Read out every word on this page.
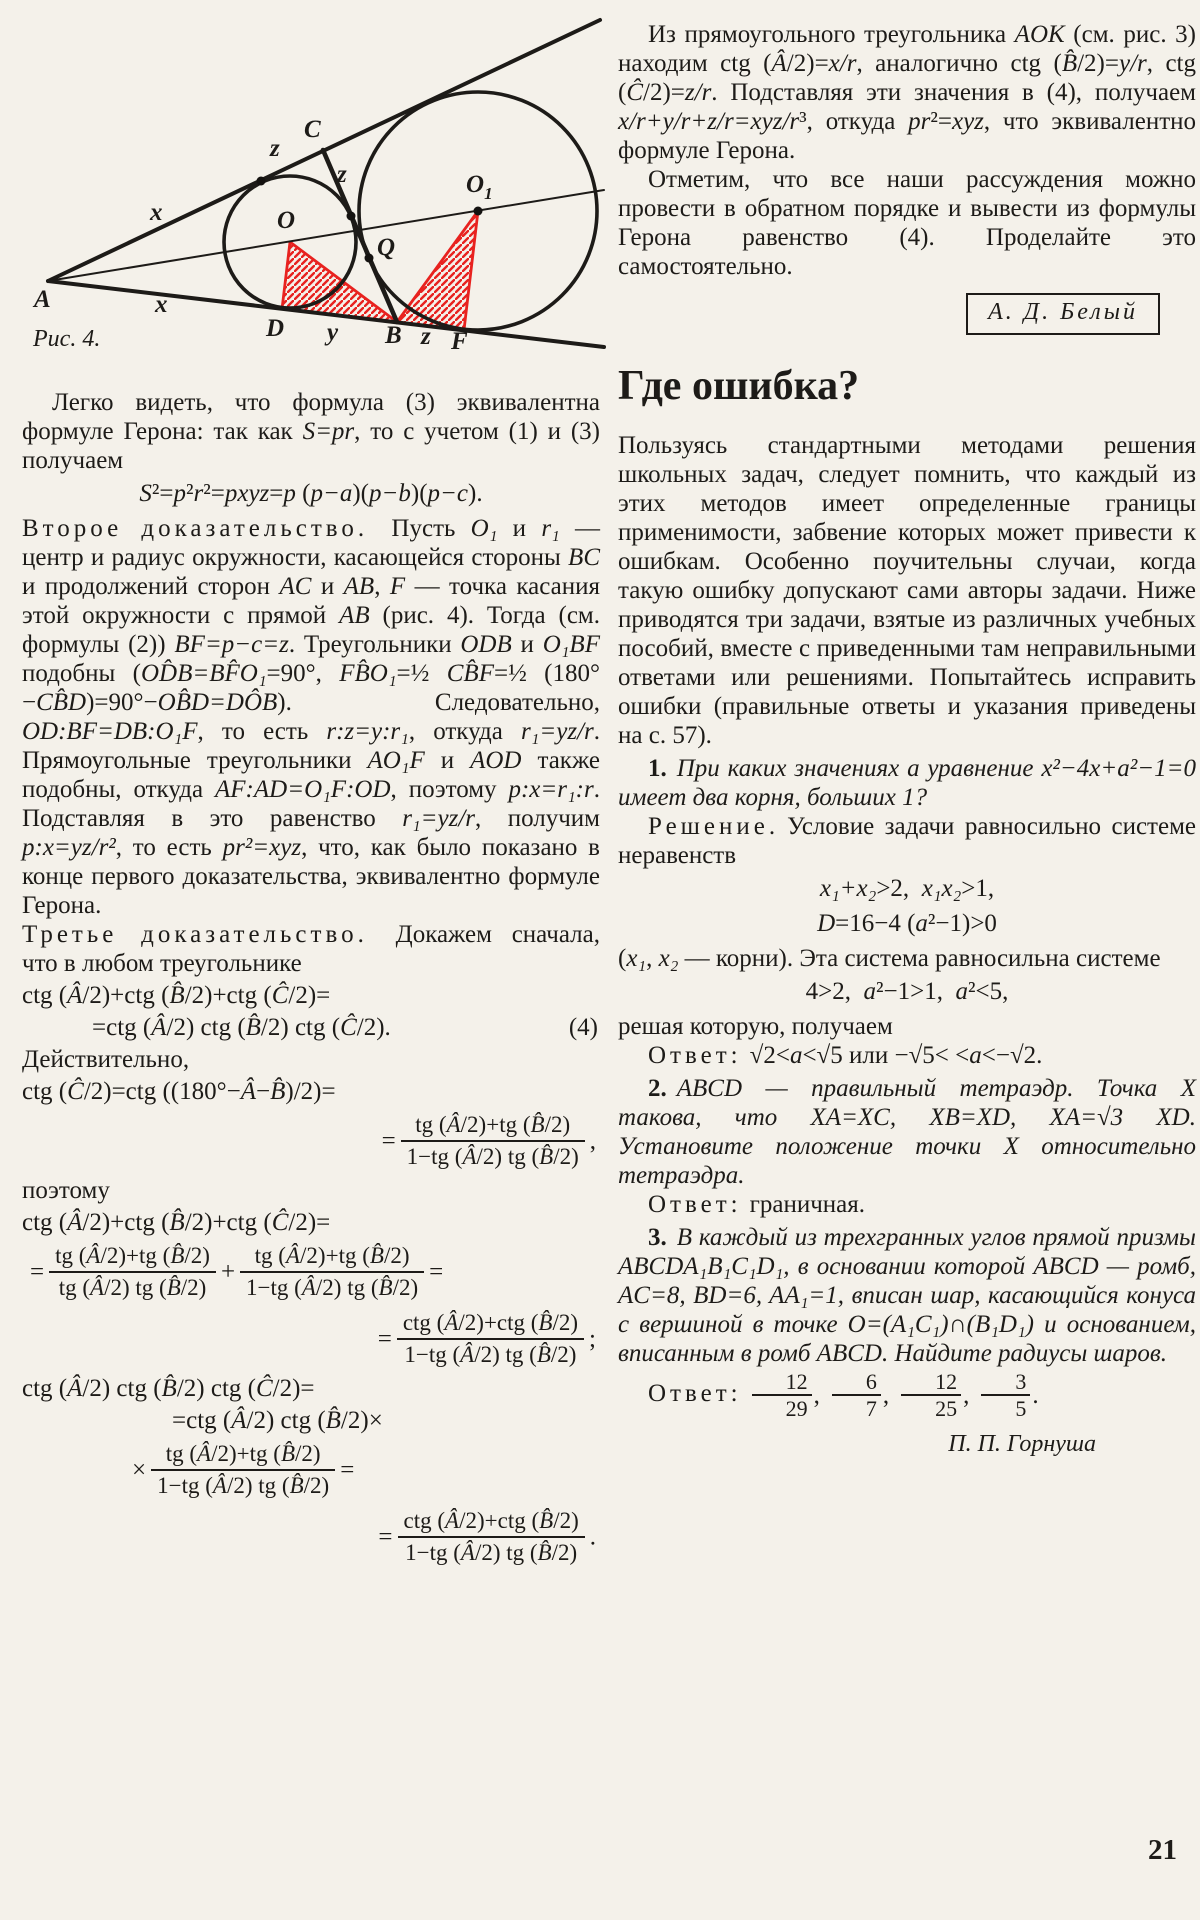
A
x
x
z
C
z
O
$O_1$
Q
D y B z F
Рис. 4.

Легко видеть, что формула (3) эквивалентна формуле Герона: так как S=pr, то с учетом (1) и (3) получаем

S²=p²r²=pxyz=p (p−a)(p−b)(p−c).

Второе доказательство. Пусть O₁ и r₁ — центр и радиус окружности, касающейся стороны BC и продолжений сторон AC и AB, F — точка касания этой окружности с прямой AB (рис. 4). Тогда (см. формулы (2)) BF=p−c=z. Треугольники ODB и O₁BF подобны (OD̂B=BF̂O₁=90°, FB̂O₁=½ CB̂F=½ (180°−CB̂D)=90°−OB̂D=DÔB). Следовательно, OD:BF=DB:O₁F, то есть r:z=y:r₁, откуда r₁=yz/r. Прямоугольные треугольники AO₁F и AOD также подобны, откуда AF:AD=O₁F:OD, поэтому p:x=r₁:r. Подставляя в это равенство r₁=yz/r, получим p:x=yz/r², то есть pr²=xyz, что, как было показано в конце первого доказательства, эквивалентно формуле Герона.

Третье доказательство. Докажем сначала, что в любом треугольнике

ctg (Â/2)+ctg (B̂/2)+ctg (Ĉ/2)=
=ctg (Â/2) ctg (B̂/2) ctg (Ĉ/2).	(4)

Действительно,

ctg (Ĉ/2)=ctg ((180°−Â−B̂)/2)=
= $\frac{tg (Â/2)+tg (B̂/2)}{1-tg (Â/2) tg (B̂/2)}$ ,

поэтому

ctg (Â/2)+ctg (B̂/2)+ctg (Ĉ/2)=
= $\frac{tg (Â/2)+tg (B̂/2)}{tg (Â/2) tg (B̂/2)} + \frac{tg (Â/2)+tg (B̂/2)}{1-tg (Â/2) tg (B̂/2)}$ =
= $\frac{\text{ctg (Â/2)+ctg (B̂/2)}}{1-tg (Â/2) tg (B̂/2)}$ ;
ctg (Â/2) ctg (B̂/2) ctg (Ĉ/2)=
=ctg (Â/2) ctg (B̂/2)×
× $\frac{tg (Â/2)+tg (B̂/2)}{1-tg (Â/2) tg (B̂/2)}$ =
= $\frac{\text{ctg (Â/2)+ctg (B̂/2)}}{1-tg (Â/2) tg (B̂/2)}$ .

Из прямоугольного треугольника AOK (см. рис. 3) находим ctg (Â/2)=x/r, аналогично ctg (B̂/2)=y/r, ctg (Ĉ/2)=z/r. Подставляя эти значения в (4), получаем x/r+y/r+z/r=xyz/r³, откуда pr²=xyz, что эквивалентно формуле Герона.

Отметим, что все наши рассуждения можно провести в обратном порядке и вывести из формулы Герона равенство (4). Проделайте это самостоятельно.

А. Д. Белый
Где ошибка?

Пользуясь стандартными методами решения школьных задач, следует помнить, что каждый из этих методов имеет определенные границы применимости, забвение которых может привести к ошибкам. Особенно поучительны случаи, когда такую ошибку допускают сами авторы задачи. Ниже приводятся три задачи, взятые из различных учебных пособий, вместе с приведенными там неправильными ответами или решениями. Попытайтесь исправить ошибки (правильные ответы и указания приведены на с. 57).

1. При каких значениях a уравнение x²−4x+a²−1=0 имеет два корня, больших 1?

Решение. Условие задачи равносильно системе неравенств

x₁+x₂>2, x₁x₂>1,
D=16−4 (a²−1)>0

(x₁, x₂ — корни). Эта система равносильна системе

4>2, a²−1>1, a²<5,

решая которую, получаем

Ответ: √2<a<√5 или −√5< <a<−√2.

2. ABCD — правильный тетраэдр. Точка X такова, что XA=XC, XB=XD, XA=√3 XD. Установите положение точки X относительно тетраэдра.

Ответ: граничная.

3. В каждый из трехгранных углов прямой призмы ABCDA₁B₁C₁D₁, в основании которой ABCD — ромб, AC=8, BD=6, AA₁=1, вписан шар, касающийся конуса с вершиной в точке O=(A₁C₁)∩(B₁D₁) и основанием, вписанным в ромб ABCD. Найдите радиусы шаров.

Ответ: $\frac{12}{29}$ , $\frac{6}{7}$ , $\frac{12}{25}$ , $\frac{3}{5}$ .

П. П. Горнуша

21
